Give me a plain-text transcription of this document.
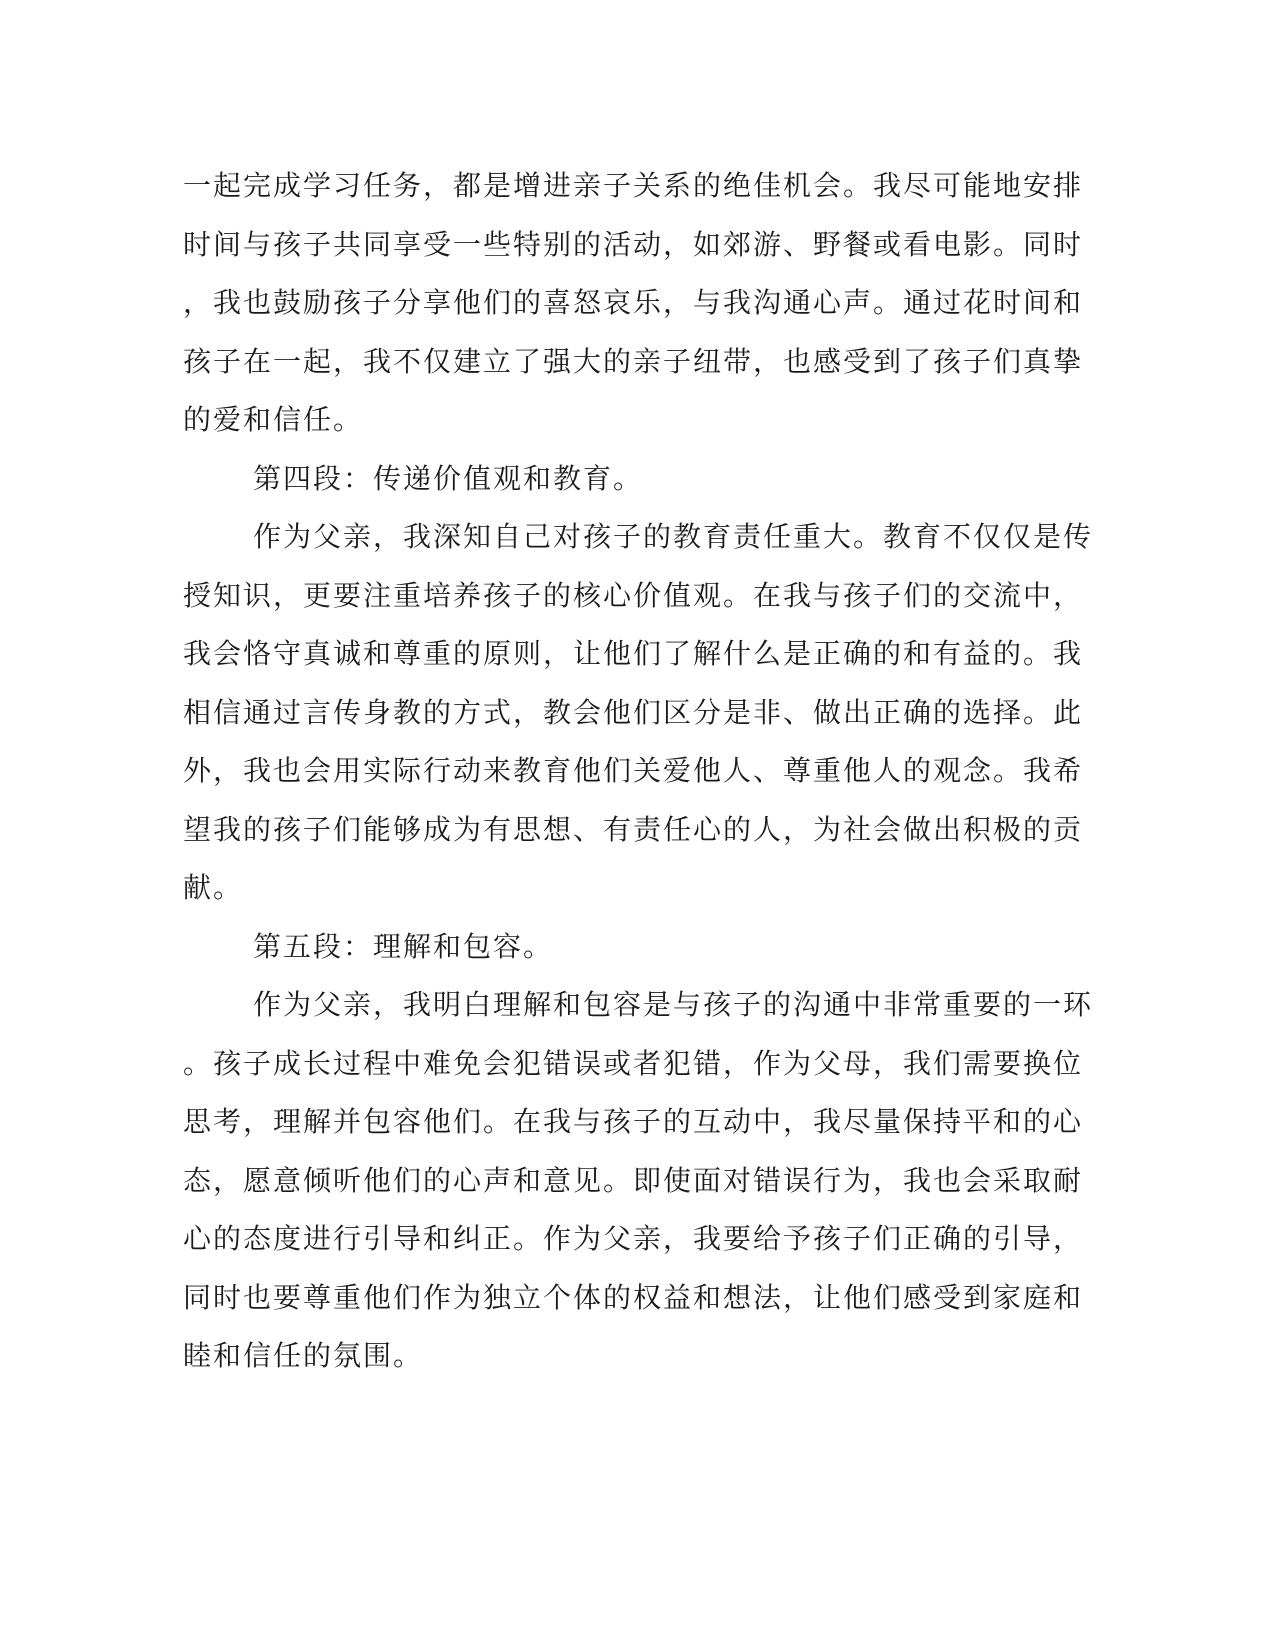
一起完成学习任务，都是增进亲子关系的绝佳机会。我尽可能地安排
时间与孩子共同享受一些特别的活动，如郊游、野餐或看电影。同时
，我也鼓励孩子分享他们的喜怒哀乐，与我沟通心声。通过花时间和
孩子在一起，我不仅建立了强大的亲子纽带，也感受到了孩子们真挚
的爱和信任。
第四段：传递价值观和教育。
作为父亲，我深知自己对孩子的教育责任重大。教育不仅仅是传
授知识，更要注重培养孩子的核心价值观。在我与孩子们的交流中，
我会恪守真诚和尊重的原则，让他们了解什么是正确的和有益的。我
相信通过言传身教的方式，教会他们区分是非、做出正确的选择。此
外，我也会用实际行动来教育他们关爱他人、尊重他人的观念。我希
望我的孩子们能够成为有思想、有责任心的人，为社会做出积极的贡
献。
第五段：理解和包容。
作为父亲，我明白理解和包容是与孩子的沟通中非常重要的一环
。孩子成长过程中难免会犯错误或者犯错，作为父母，我们需要换位
思考，理解并包容他们。在我与孩子的互动中，我尽量保持平和的心
态，愿意倾听他们的心声和意见。即使面对错误行为，我也会采取耐
心的态度进行引导和纠正。作为父亲，我要给予孩子们正确的引导，
同时也要尊重他们作为独立个体的权益和想法，让他们感受到家庭和
睦和信任的氛围。
